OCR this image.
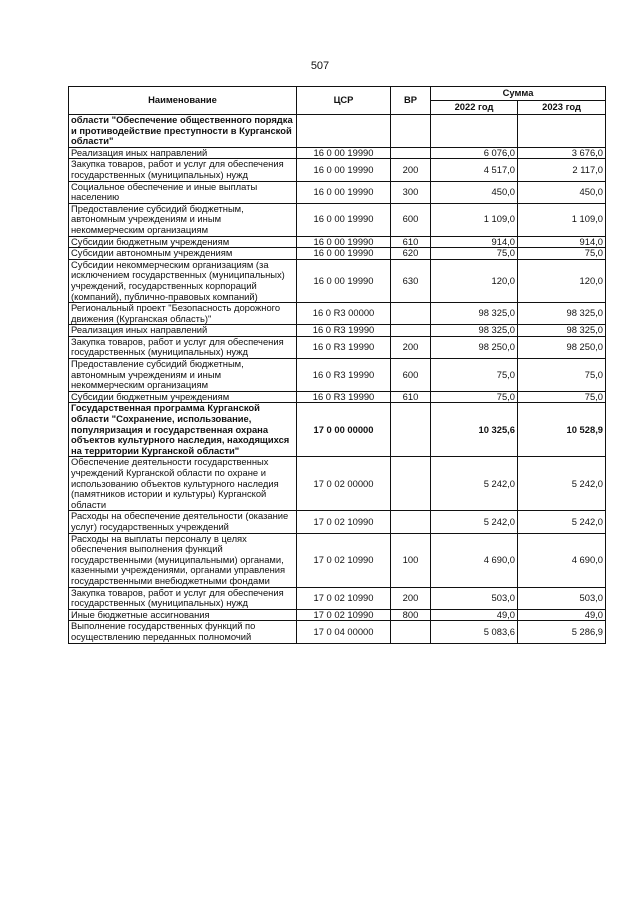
507
Наименование	ЦСР	ВР	Сумма	
			2022 год	2023 год
области "Обеспечение общественного порядка и противодействие преступности в Курганской области"				
Реализация иных направлений	16 0 00 19990		6 076,0	3 676,0
Закупка товаров, работ и услуг для обеспечения государственных (муниципальных) нужд	16 0 00 19990	200	4 517,0	2 117,0
Социальное обеспечение и иные выплаты населению	16 0 00 19990	300	450,0	450,0
Предоставление субсидий бюджетным, автономным учреждениям и иным некоммерческим организациям	16 0 00 19990	600	1 109,0	1 109,0
Субсидии бюджетным учреждениям	16 0 00 19990	610	914,0	914,0
Субсидии автономным учреждениям	16 0 00 19990	620	75,0	75,0
Субсидии некоммерческим организациям (за исключением государственных (муниципальных) учреждений, государственных корпораций (компаний), публично-правовых компаний)	16 0 00 19990	630	120,0	120,0
Региональный проект "Безопасность дорожного движения (Курганская область)"	16 0 R3 00000		98 325,0	98 325,0
Реализация иных направлений	16 0 R3 19990		98 325,0	98 325,0
Закупка товаров, работ и услуг для обеспечения государственных (муниципальных) нужд	16 0 R3 19990	200	98 250,0	98 250,0
Предоставление субсидий бюджетным, автономным учреждениям и иным некоммерческим организациям	16 0 R3 19990	600	75,0	75,0
Субсидии бюджетным учреждениям	16 0 R3 19990	610	75,0	75,0
Государственная программа Курганской области "Сохранение, использование, популяризация и государственная охрана объектов культурного наследия, находящихся на территории Курганской области"	17 0 00 00000		10 325,6	10 528,9
Обеспечение деятельности государственных учреждений Курганской области по охране и использованию объектов культурного наследия (памятников истории и культуры) Курганской области	17 0 02 00000		5 242,0	5 242,0
Расходы на обеспечение деятельности (оказание услуг) государственных учреждений	17 0 02 10990		5 242,0	5 242,0
Расходы на выплаты персоналу в целях обеспечения выполнения функций государственными (муниципальными) органами, казенными учреждениями, органами управления государственными внебюджетными фондами	17 0 02 10990	100	4 690,0	4 690,0
Закупка товаров, работ и услуг для обеспечения государственных (муниципальных) нужд	17 0 02 10990	200	503,0	503,0
Иные бюджетные ассигнования	17 0 02 10990	800	49,0	49,0
Выполнение государственных функций по осуществлению переданных полномочий	17 0 04 00000		5 083,6	5 286,9
